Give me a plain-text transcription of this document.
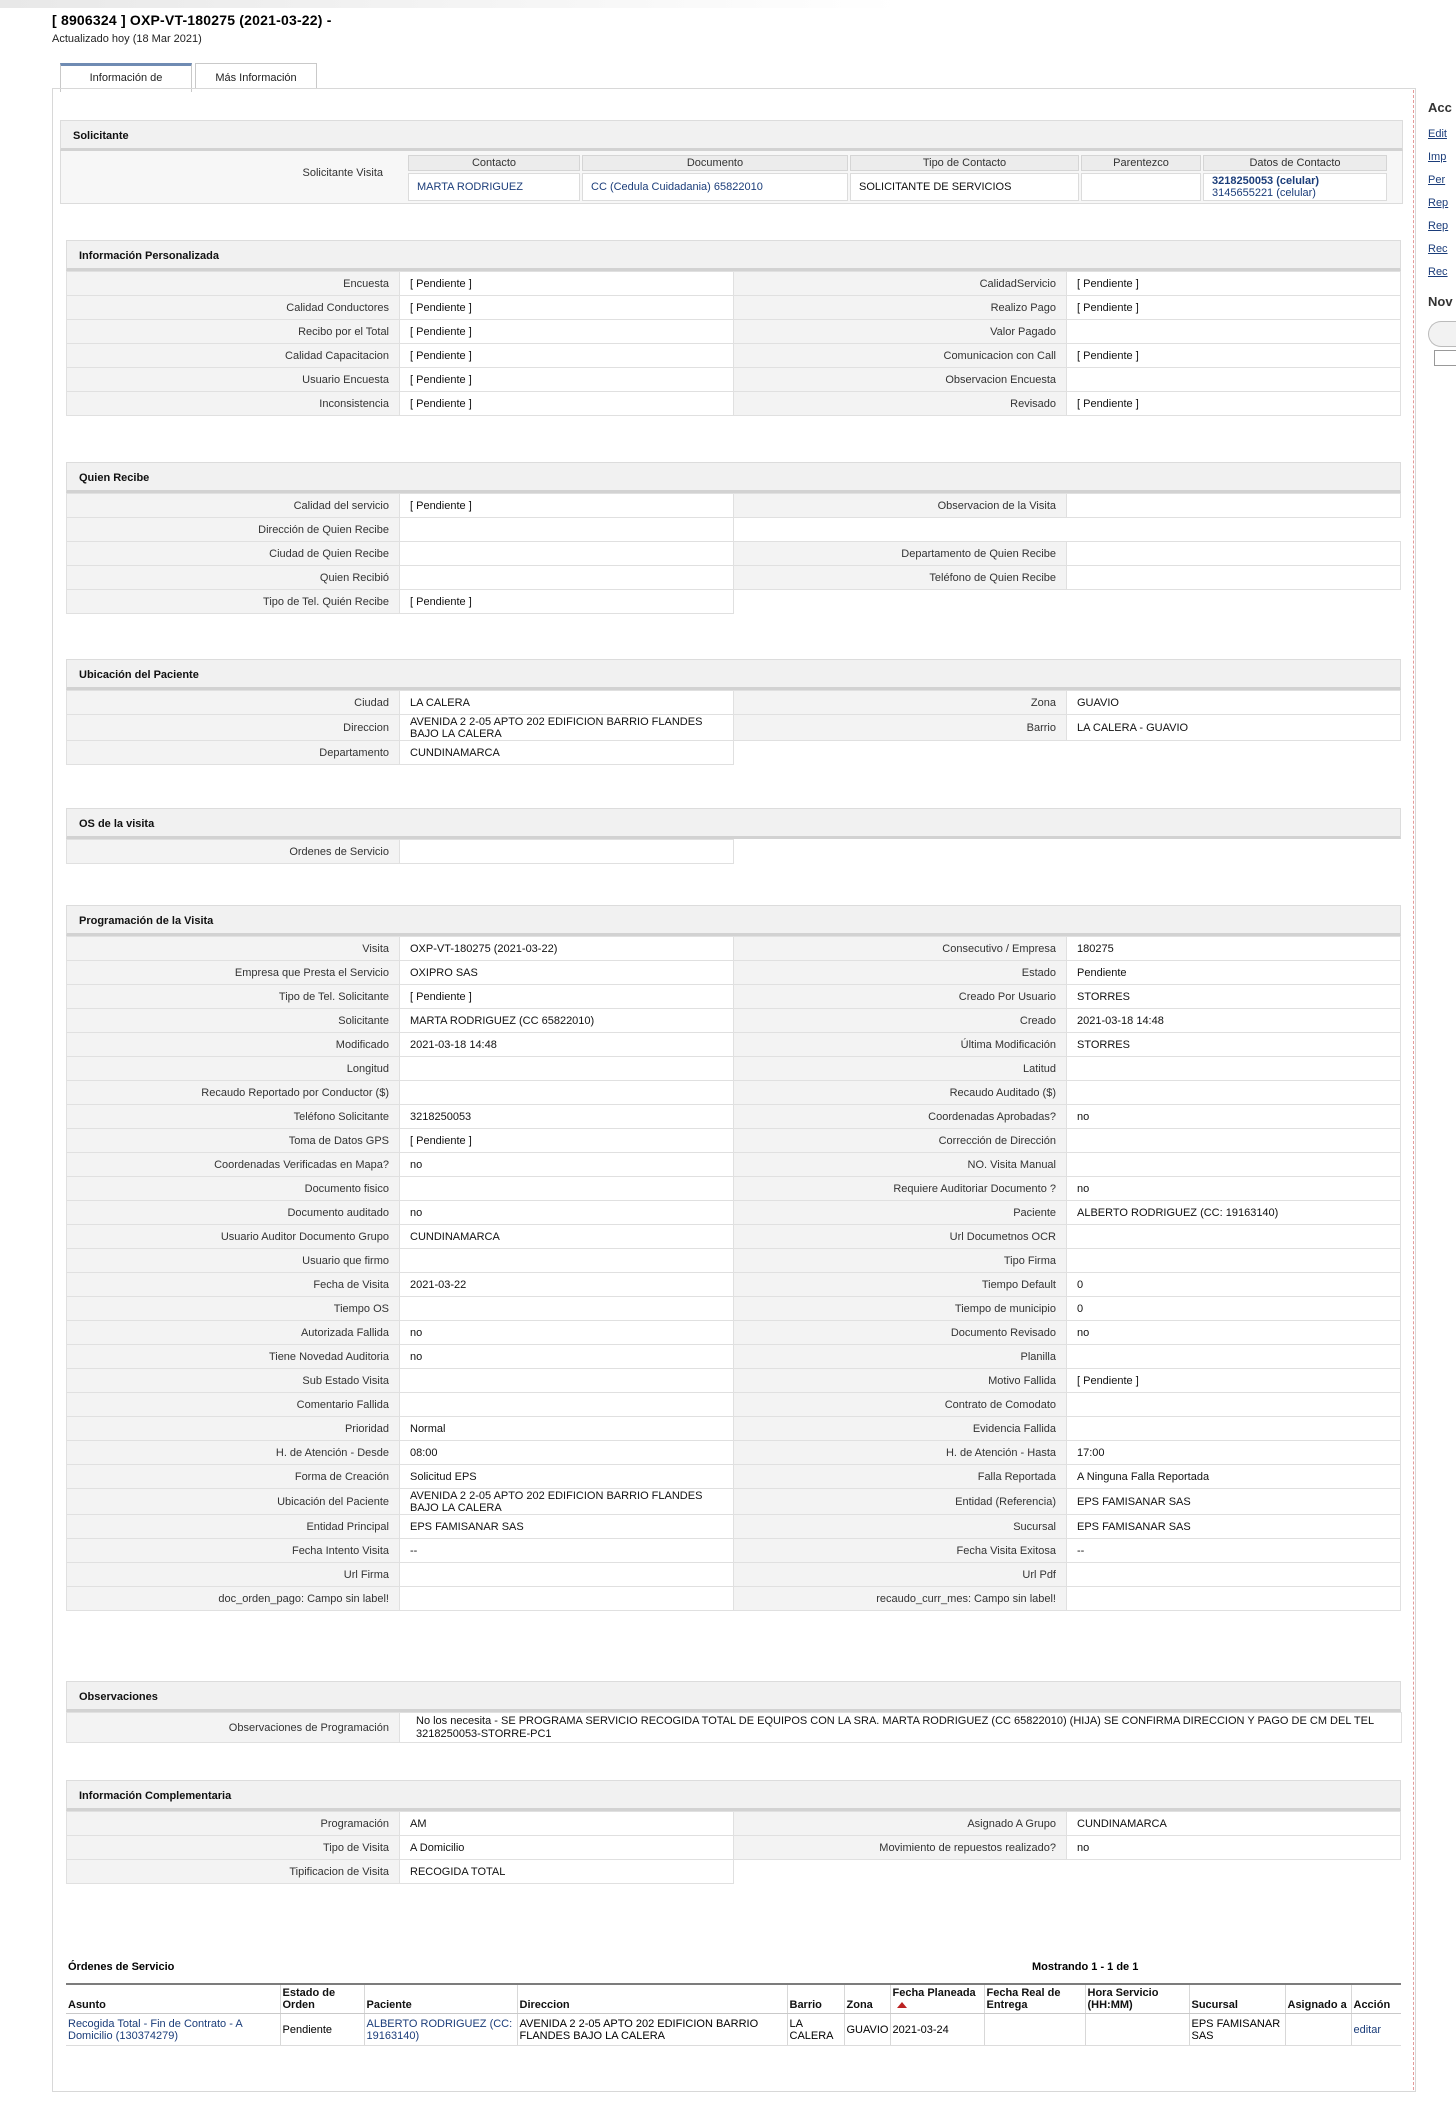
[ 8906324 ] OXP-VT-180275 (2021-03-22) -
Actualizado hoy (18 Mar 2021)
Información de	Más Información
Acc
Edit
Imp
Per
Rep
Rep
Rec
Rec
Nov
Solicitante
Solicitante Visita
Contacto	Documento	Tipo de Contacto	Parentezco	Datos de Contacto
MARTA RODRIGUEZ	CC (Cedula Cuidadania) 65822010	SOLICITANTE DE SERVICIOS		3218250053 (celular)
3145655221 (celular)
Información Personalizada
Encuesta	[ Pendiente ]	CalidadServicio	[ Pendiente ]
Calidad Conductores	[ Pendiente ]	Realizo Pago	[ Pendiente ]
Recibo por el Total	[ Pendiente ]	Valor Pagado	
Calidad Capacitacion	[ Pendiente ]	Comunicacion con Call	[ Pendiente ]
Usuario Encuesta	[ Pendiente ]	Observacion Encuesta	
Inconsistencia	[ Pendiente ]	Revisado	[ Pendiente ]
Quien Recibe
Calidad del servicio	[ Pendiente ]	Observacion de la Visita	
Dirección de Quien Recibe			
Ciudad de Quien Recibe		Departamento de Quien Recibe	
Quien Recibió		Teléfono de Quien Recibe	
Tipo de Tel. Quién Recibe	[ Pendiente ]		
Ubicación del Paciente
Ciudad	LA CALERA	Zona	GUAVIO
Direccion	AVENIDA 2 2-05 APTO 202 EDIFICION BARRIO FLANDES BAJO LA CALERA	Barrio	LA CALERA - GUAVIO
Departamento	CUNDINAMARCA		
OS de la visita
Ordenes de Servicio			
Programación de la Visita
Visita	OXP-VT-180275 (2021-03-22)	Consecutivo / Empresa	180275
Empresa que Presta el Servicio	OXIPRO SAS	Estado	Pendiente
Tipo de Tel. Solicitante	[ Pendiente ]	Creado Por Usuario	STORRES
Solicitante	MARTA RODRIGUEZ (CC 65822010)	Creado	2021-03-18 14:48
Modificado	2021-03-18 14:48	Última Modificación	STORRES
Longitud		Latitud	
Recaudo Reportado por Conductor ($)		Recaudo Auditado ($)	
Teléfono Solicitante	3218250053	Coordenadas Aprobadas?	no
Toma de Datos GPS	[ Pendiente ]	Corrección de Dirección	
Coordenadas Verificadas en Mapa?	no	NO. Visita Manual	
Documento fisico		Requiere Auditoriar Documento ?	no
Documento auditado	no	Paciente	ALBERTO RODRIGUEZ (CC: 19163140)
Usuario Auditor Documento Grupo	CUNDINAMARCA	Url Documetnos OCR	
Usuario que firmo		Tipo Firma	
Fecha de Visita	2021-03-22	Tiempo Default	0
Tiempo OS		Tiempo de municipio	0
Autorizada Fallida	no	Documento Revisado	no
Tiene Novedad Auditoria	no	Planilla	
Sub Estado Visita		Motivo Fallida	[ Pendiente ]
Comentario Fallida		Contrato de Comodato	
Prioridad	Normal	Evidencia Fallida	
H. de Atención - Desde	08:00	H. de Atención - Hasta	17:00
Forma de Creación	Solicitud EPS	Falla Reportada	A Ninguna Falla Reportada
Ubicación del Paciente	AVENIDA 2 2-05 APTO 202 EDIFICION BARRIO FLANDES BAJO LA CALERA	Entidad (Referencia)	EPS FAMISANAR SAS
Entidad Principal	EPS FAMISANAR SAS	Sucursal	EPS FAMISANAR SAS
Fecha Intento Visita	--	Fecha Visita Exitosa	--
Url Firma		Url Pdf	
doc_orden_pago: Campo sin label!		recaudo_curr_mes: Campo sin label!	
Observaciones
Observaciones de Programación	No los necesita - SE PROGRAMA SERVICIO RECOGIDA TOTAL DE EQUIPOS CON LA SRA. MARTA RODRIGUEZ (CC 65822010) (HIJA) SE CONFIRMA DIRECCION Y PAGO DE CM DEL TEL 3218250053-STORRE-PC1
Información Complementaria
Programación	AM	Asignado A Grupo	CUNDINAMARCA
Tipo de Visita	A Domicilio	Movimiento de repuestos realizado?	no
Tipificacion de Visita	RECOGIDA TOTAL		
Órdenes de Servicio	Mostrando 1 - 1 de 1
Asunto	Estado de Orden	Paciente	Direccion	Barrio	Zona	Fecha Planeada	Fecha Real de Entrega	Hora Servicio (HH:MM)	Sucursal	Asignado a	Acción
Recogida Total - Fin de Contrato - A Domicilio (130374279)	Pendiente	ALBERTO RODRIGUEZ (CC: 19163140)	AVENIDA 2 2-05 APTO 202 EDIFICION BARRIO FLANDES BAJO LA CALERA	LA CALERA	GUAVIO	2021-03-24			EPS FAMISANAR SAS		editar
